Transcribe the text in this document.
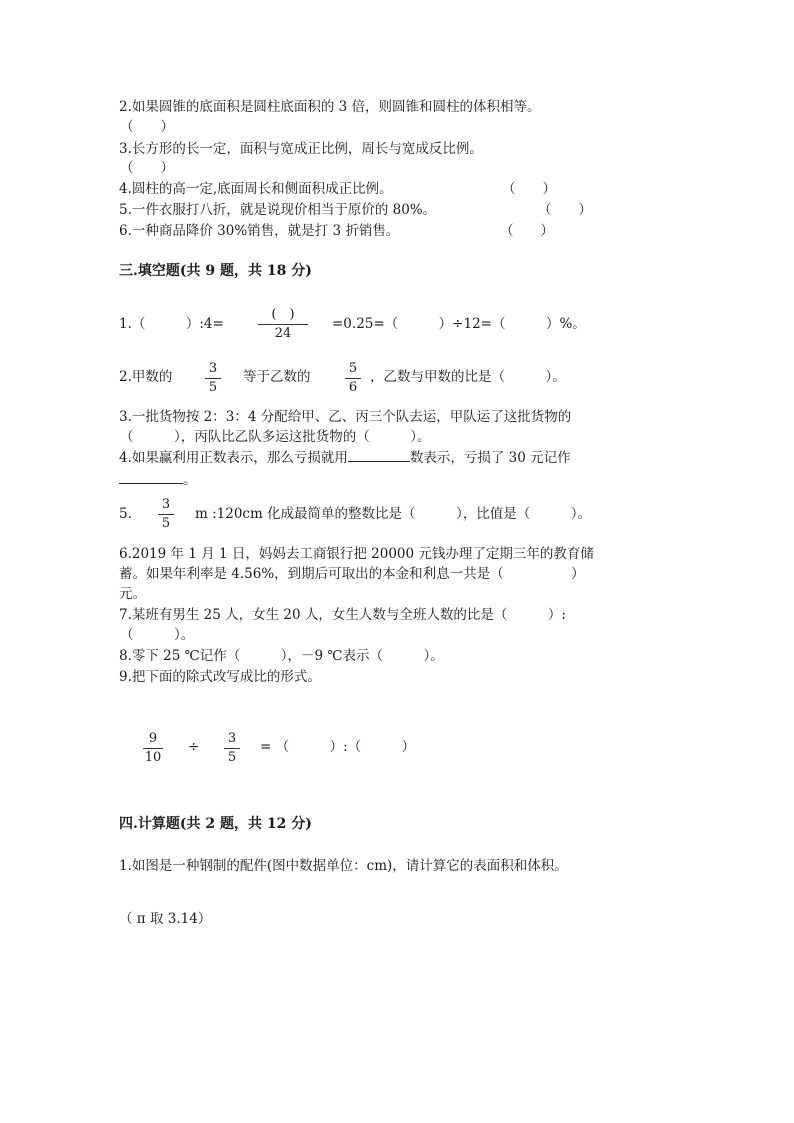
2.如果圆锥的底面积是圆柱底面积的 3 倍，则圆锥和圆柱的体积相等。
（　　）
3.长方形的长一定，面积与宽成正比例，周长与宽成反比例。
（　　）
4.圆柱的高一定,底面周长和侧面积成正比例。	（　　）
5.一件衣服打八折，就是说现价相当于原价的 80%。	（　　）
6.一种商品降价 30%销售，就是打 3 折销售。	（　　）
三.填空题(共 9 题，共 18 分)
1.（　　　）:4=
(　)
24
=0.25=（　　　）÷12=（　　　）%。
2.甲数的
3
5
等于乙数的
5
6
，乙数与甲数的比是（　　　）。
3.一批货物按 2：3：4 分配给甲、乙、丙三个队去运，甲队运了这批货物的
（　　　），丙队比乙队多运这批货物的（　　　）。
4.如果赢利用正数表示，那么亏损就用	数表示，亏损了 30 元记作
。
5.
3
5
m :120cm 化成最简单的整数比是（　　　），比值是（　　　）。
6.2019 年 1 月 1 日，妈妈去工商银行把 20000 元钱办理了定期三年的教育储
蓄。如果年利率是 4.56%，到期后可取出的本金和利息一共是（　　　　　）
元。
7.某班有男生 25 人，女生 20 人，女生人数与全班人数的比是（　　　）:
（　　　）。
8.零下 25 ℃记作（　　　），－9 ℃表示（　　　）。
9.把下面的除式改写成比的形式。
9
10
÷
3
5
= （　　　）:（　　　）
四.计算题(共 2 题，共 12 分)
1.如图是一种钢制的配件(图中数据单位：cm)，请计算它的表面积和体积。
（ π 取 3.14）
